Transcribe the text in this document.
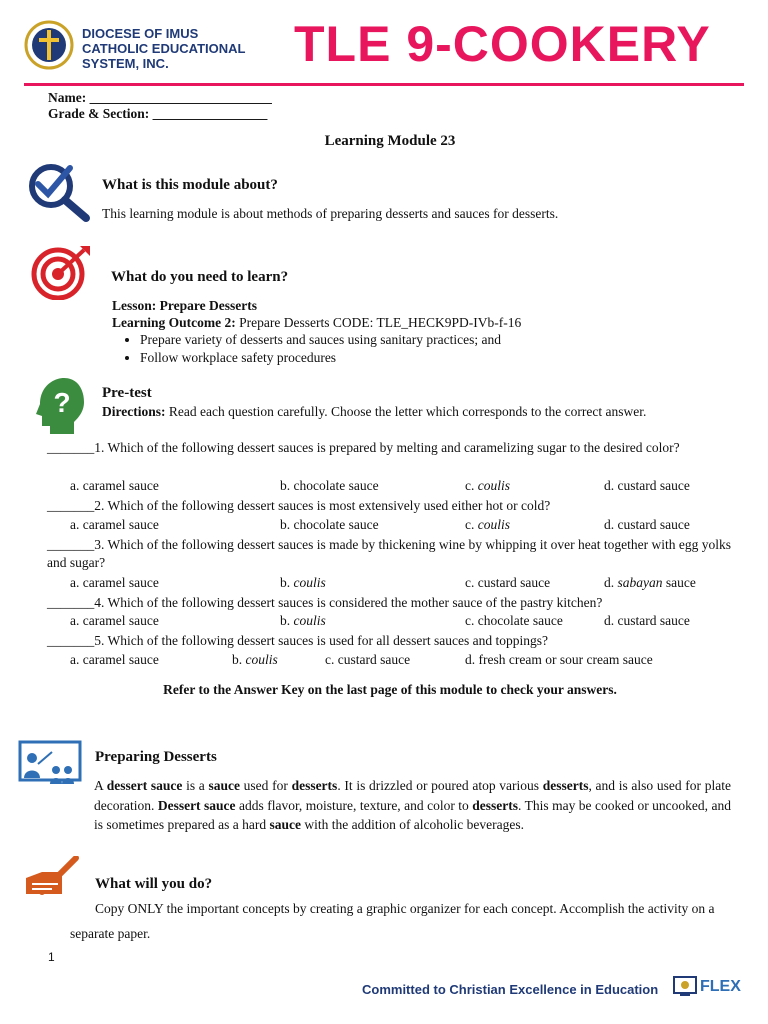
DIOCESE OF IMUS
CATHOLIC EDUCATIONAL
SYSTEM, INC.	TLE 9-COOKERY
Name: ___________________________
Grade & Section: _________________
Learning Module 23
What is this module about?
This learning module is about methods of preparing desserts and sauces for desserts.
What do you need to learn?
Lesson: Prepare Desserts
Learning Outcome 2: Prepare Desserts CODE: TLE_HECK9PD-IVb-f-16
• Prepare variety of desserts and sauces using sanitary practices; and
• Follow workplace safety procedures
? Pre-test
Directions: Read each question carefully. Choose the letter which corresponds to the correct answer.
_______1. Which of the following dessert sauces is prepared by melting and caramelizing sugar to the desired color?
a. caramel sauce	b. chocolate sauce	c. coulis	d. custard sauce
_______2. Which of the following dessert sauces is most extensively used either hot or cold?
a. caramel sauce	b. chocolate sauce	c. coulis	d. custard sauce
_______3. Which of the following dessert sauces is made by thickening wine by whipping it over heat together with egg yolks and sugar?
a. caramel sauce	b. coulis	c. custard sauce	d. sabayan sauce
_______4. Which of the following dessert sauces is considered the mother sauce of the pastry kitchen?
a. caramel sauce	b. coulis	c. chocolate sauce	d. custard sauce
_______5. Which of the following dessert sauces is used for all dessert sauces and toppings?
a. caramel sauce	b. coulis	c. custard sauce	d. fresh cream or sour cream sauce
Refer to the Answer Key on the last page of this module to check your answers.
Preparing Desserts
A dessert sauce is a sauce used for desserts. It is drizzled or poured atop various desserts, and is also used for plate decoration. Dessert sauce adds flavor, moisture, texture, and color to desserts. This may be cooked or uncooked, and is sometimes prepared as a hard sauce with the addition of alcoholic beverages.
What will you do?
Copy ONLY the important concepts by creating a graphic organizer for each concept. Accomplish the activity on a separate paper.
1
Committed to Christian Excellence in Education	FLEX
